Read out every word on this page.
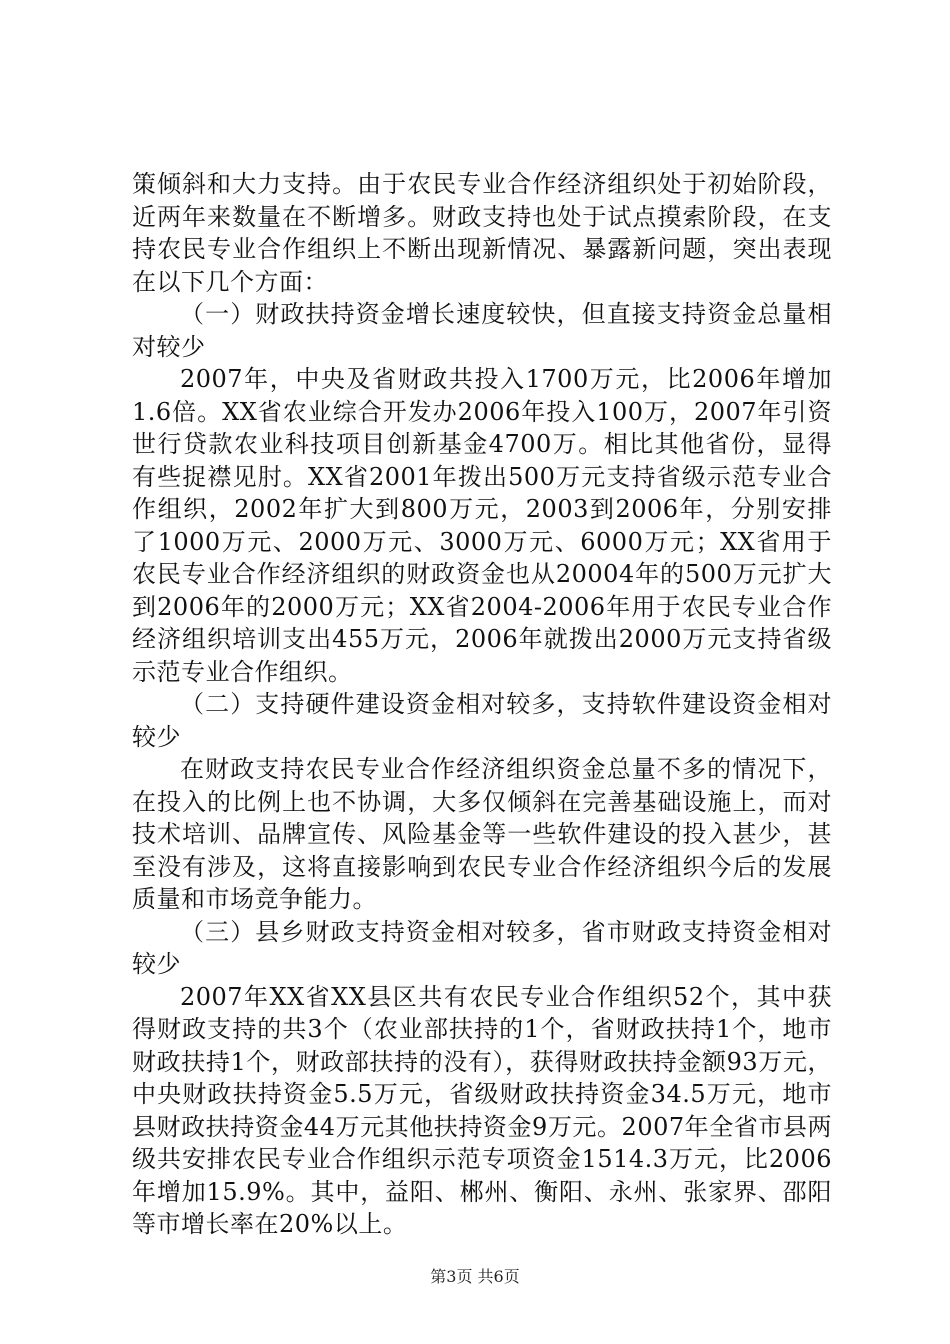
策倾斜和大力支持。由于农民专业合作经济组织处于初始阶段，近两年来数量在不断增多。财政支持也处于试点摸索阶段，在支持农民专业合作组织上不断出现新情况、暴露新问题，突出表现在以下几个方面：

（一）财政扶持资金增长速度较快，但直接支持资金总量相对较少

2007年，中央及省财政共投入1700万元，比2006年增加1.6倍。XX省农业综合开发办2006年投入100万，2007年引资世行贷款农业科技项目创新基金4700万。相比其他省份，显得有些捉襟见肘。XX省2001年拨出500万元支持省级示范专业合作组织，2002年扩大到800万元，2003到2006年，分别安排了1000万元、2000万元、3000万元、6000万元；XX省用于农民专业合作经济组织的财政资金也从20004年的500万元扩大到2006年的2000万元；XX省2004-2006年用于农民专业合作经济组织培训支出455万元，2006年就拨出2000万元支持省级示范专业合作组织。

（二）支持硬件建设资金相对较多，支持软件建设资金相对较少

在财政支持农民专业合作经济组织资金总量不多的情况下，在投入的比例上也不协调，大多仅倾斜在完善基础设施上，而对技术培训、品牌宣传、风险基金等一些软件建设的投入甚少，甚至没有涉及，这将直接影响到农民专业合作经济组织今后的发展质量和市场竞争能力。

（三）县乡财政支持资金相对较多，省市财政支持资金相对较少

2007年XX省XX县区共有农民专业合作组织52个，其中获得财政支持的共3个（农业部扶持的1个，省财政扶持1个，地市财政扶持1个，财政部扶持的没有），获得财政扶持金额93万元，中央财政扶持资金5.5万元，省级财政扶持资金34.5万元，地市县财政扶持资金44万元其他扶持资金9万元。2007年全省市县两级共安排农民专业合作组织示范专项资金1514.3万元，比2006年增加15.9%。其中，益阳、郴州、衡阳、永州、张家界、邵阳等市增长率在20%以上。

第3页 共6页
